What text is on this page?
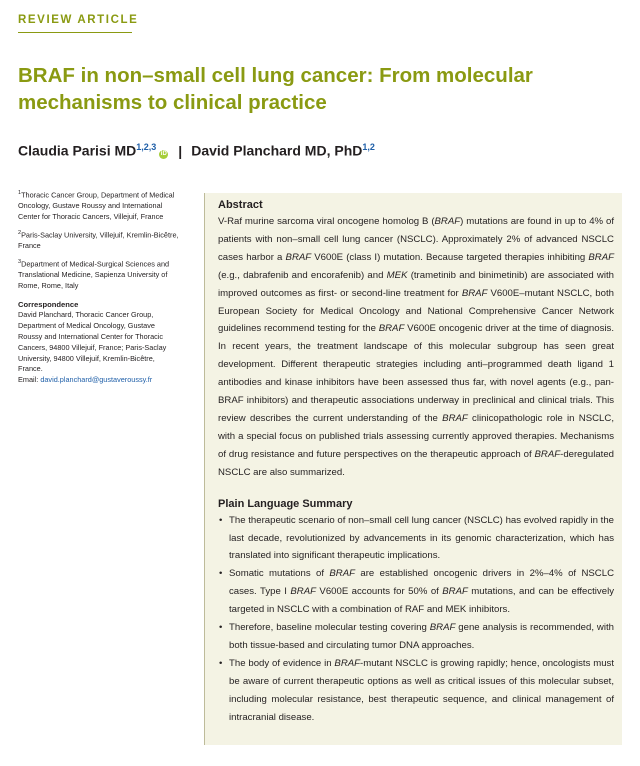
REVIEW ARTICLE
BRAF in non–small cell lung cancer: From molecular mechanisms to clinical practice
Claudia Parisi MD$^{1,2,3}$iD | David Planchard MD, PhD$^{1,2}$
$^1$Thoracic Cancer Group, Department of Medical Oncology, Gustave Roussy and International Center for Thoracic Cancers, Villejuif, France
$^2$Paris-Saclay University, Villejuif, Kremlin-Bicêtre, France
$^3$Department of Medical-Surgical Sciences and Translational Medicine, Sapienza University of Rome, Rome, Italy
Correspondence
David Planchard, Thoracic Cancer Group, Department of Medical Oncology, Gustave Roussy and International Center for Thoracic Cancers, 94800 Villejuif, France; Paris-Saclay University, 94800 Villejuif, Kremlin-Bicêtre, France.
Email: david.planchard@gustaveroussy.fr
Abstract

V-Raf murine sarcoma viral oncogene homolog B (BRAF) mutations are found in up to 4% of patients with non–small cell lung cancer (NSCLC). Approximately 2% of advanced NSCLC cases harbor a BRAF V600E (class I) mutation. Because targeted therapies inhibiting BRAF (e.g., dabrafenib and encorafenib) and MEK (trametinib and binimetinib) are associated with improved outcomes as first- or second-line treatment for BRAF V600E–mutant NSCLC, both European Society for Medical Oncology and National Comprehensive Cancer Network guidelines recommend testing for the BRAF V600E oncogenic driver at the time of diagnosis. In recent years, the treatment landscape of this molecular subgroup has seen great development. Different therapeutic strategies including anti–programmed death ligand 1 antibodies and kinase inhibitors have been assessed thus far, with novel agents (e.g., pan-BRAF inhibitors) and therapeutic associations underway in preclinical and clinical trials. This review describes the current understanding of the BRAF clinicopathologic role in NSCLC, with a special focus on published trials assessing currently approved therapies. Mechanisms of drug resistance and future perspectives on the therapeutic approach of BRAF-deregulated NSCLC are also summarized.

Plain Language Summary
• The therapeutic scenario of non–small cell lung cancer (NSCLC) has evolved rapidly in the last decade, revolutionized by advancements in its genomic characterization, which has translated into significant therapeutic implications.
• Somatic mutations of BRAF are established oncogenic drivers in 2%–4% of NSCLC cases. Type I BRAF V600E accounts for 50% of BRAF mutations, and can be effectively targeted in NSCLC with a combination of RAF and MEK inhibitors.
• Therefore, baseline molecular testing covering BRAF gene analysis is recommended, with both tissue-based and circulating tumor DNA approaches.
• The body of evidence in BRAF-mutant NSCLC is growing rapidly; hence, oncologists must be aware of current therapeutic options as well as critical issues of this molecular subset, including molecular resistance, best therapeutic sequence, and clinical management of intracranial disease.
